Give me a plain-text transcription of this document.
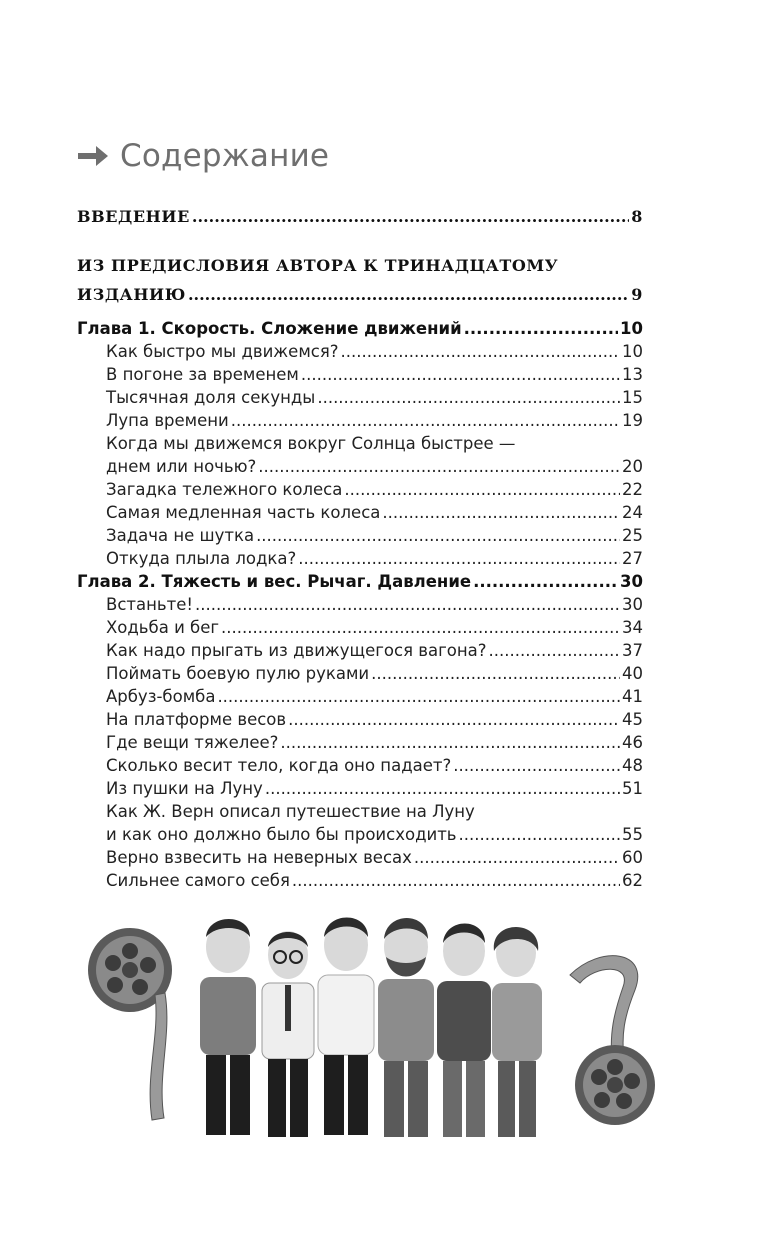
Содержание
ВВЕДЕНИЕ .....	8
ИЗ ПРЕДИСЛОВИЯ АВТОРА К ТРИНАДЦАТОМУ
ИЗДАНИЮ .....	9
Глава 1. Скорость. Сложение движений .....	10
Как быстро мы движемся? .....	10
В погоне за временем .....	13
Тысячная доля секунды .....	15
Лупа времени .....	19
Когда мы движемся вокруг Солнца быстрее —
днем или ночью? .....	20
Загадка тележного колеса .....	22
Самая медленная часть колеса .....	24
Задача не шутка .....	25
Откуда плыла лодка? .....	27
Глава 2. Тяжесть и вес. Рычаг. Давление .....	30
Встаньте! .....	30
Ходьба и бег .....	34
Как надо прыгать из движущегося вагона? .....	37
Поймать боевую пулю руками .....	40
Арбуз-бомба .....	41
На платформе весов .....	45
Где вещи тяжелее? .....	46
Сколько весит тело, когда оно падает? .....	48
Из пушки на Луну .....	51
Как Ж. Верн описал путешествие на Луну
и как оно должно было бы происходить .....	55
Верно взвесить на неверных весах .....	60
Сильнее самого себя .....	62
